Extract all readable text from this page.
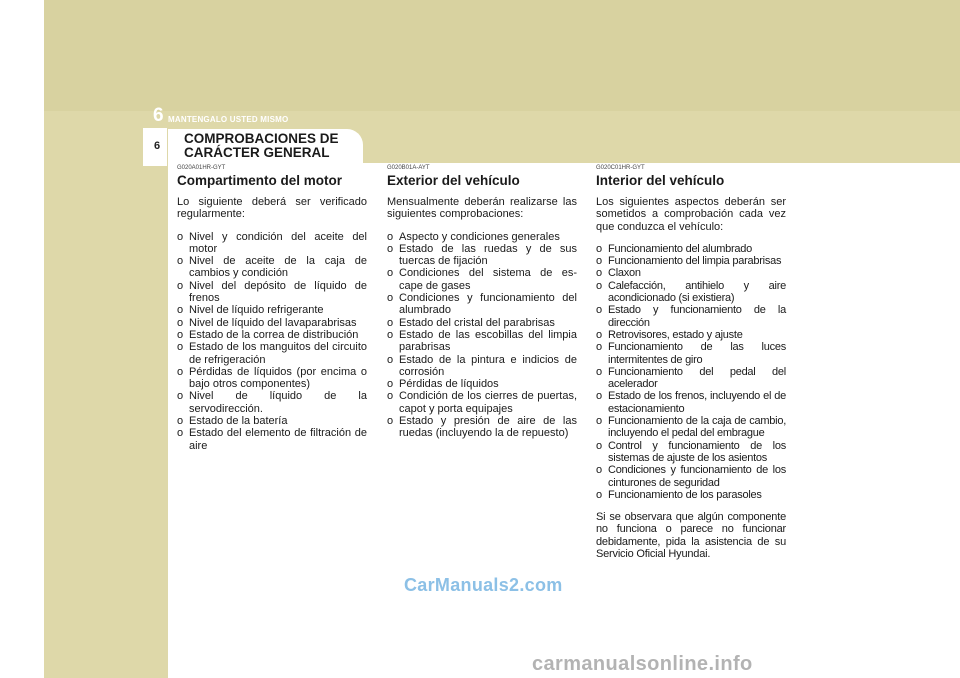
6 MANTENGALO USTED MISMO
6 COMPROBACIONES DE
CARÁCTER GENERAL
G020A01HR-GYT
Compartimento del motor

Lo siguiente deberá ser verificado regularmente:

o Nivel y condición del aceite del motor
o Nivel de aceite de la caja de cambios y condición
o Nivel del depósito de líquido de frenos
o Nivel de líquido refrigerante
o Nivel de líquido del lavaparabrisas
o Estado de la correa de distribución
o Estado de los manguitos del circuito de refrigeración
o Pérdidas de líquidos (por encima o bajo otros componentes)
o Nivel de líquido de la servodirección.
o Estado de la batería
o Estado del elemento de filtración de aire
G020B01A-AYT
Exterior del vehículo

Mensualmente deberán realizarse las siguientes comprobaciones:

o Aspecto y condiciones generales
o Estado de las ruedas y de sus tuercas de fijación
o Condiciones del sistema de es- cape de gases
o Condiciones y funcionamiento del alumbrado
o Estado del cristal del parabrisas
o Estado de las escobillas del limpia parabrisas
o Estado de la pintura e indicios de corrosión
o Pérdidas de líquidos
o Condición de los cierres de puertas, capot y porta equipajes
o Estado y presión de aire de las ruedas (incluyendo la de repuesto)
G020C01HR-GYT
Interior del vehículo

Los siguientes aspectos deberán ser sometidos a comprobación cada vez que conduzca el vehículo:

o Funcionamiento del alumbrado
o Funcionamiento del limpia parabrisas
o Claxon
o Calefacción, antihielo y aire acondicionado (si existiera)
o Estado y funcionamiento de la dirección
o Retrovisores, estado y ajuste
o Funcionamiento de las luces intermitentes de giro
o Funcionamiento del pedal del acelerador
o Estado de los frenos, incluyendo el de estacionamiento
o Funcionamiento de la caja de cambio, incluyendo el pedal del embrague
o Control y funcionamiento de los sistemas de ajuste de los asientos
o Condiciones y funcionamiento de los cinturones de seguridad
o Funcionamiento de los parasoles

Si se observara que algún componente no funciona o parece no funcionar debidamente, pida la asistencia de su Servicio Oficial Hyundai.

CarManuals2.com
carmanualsonline.info
